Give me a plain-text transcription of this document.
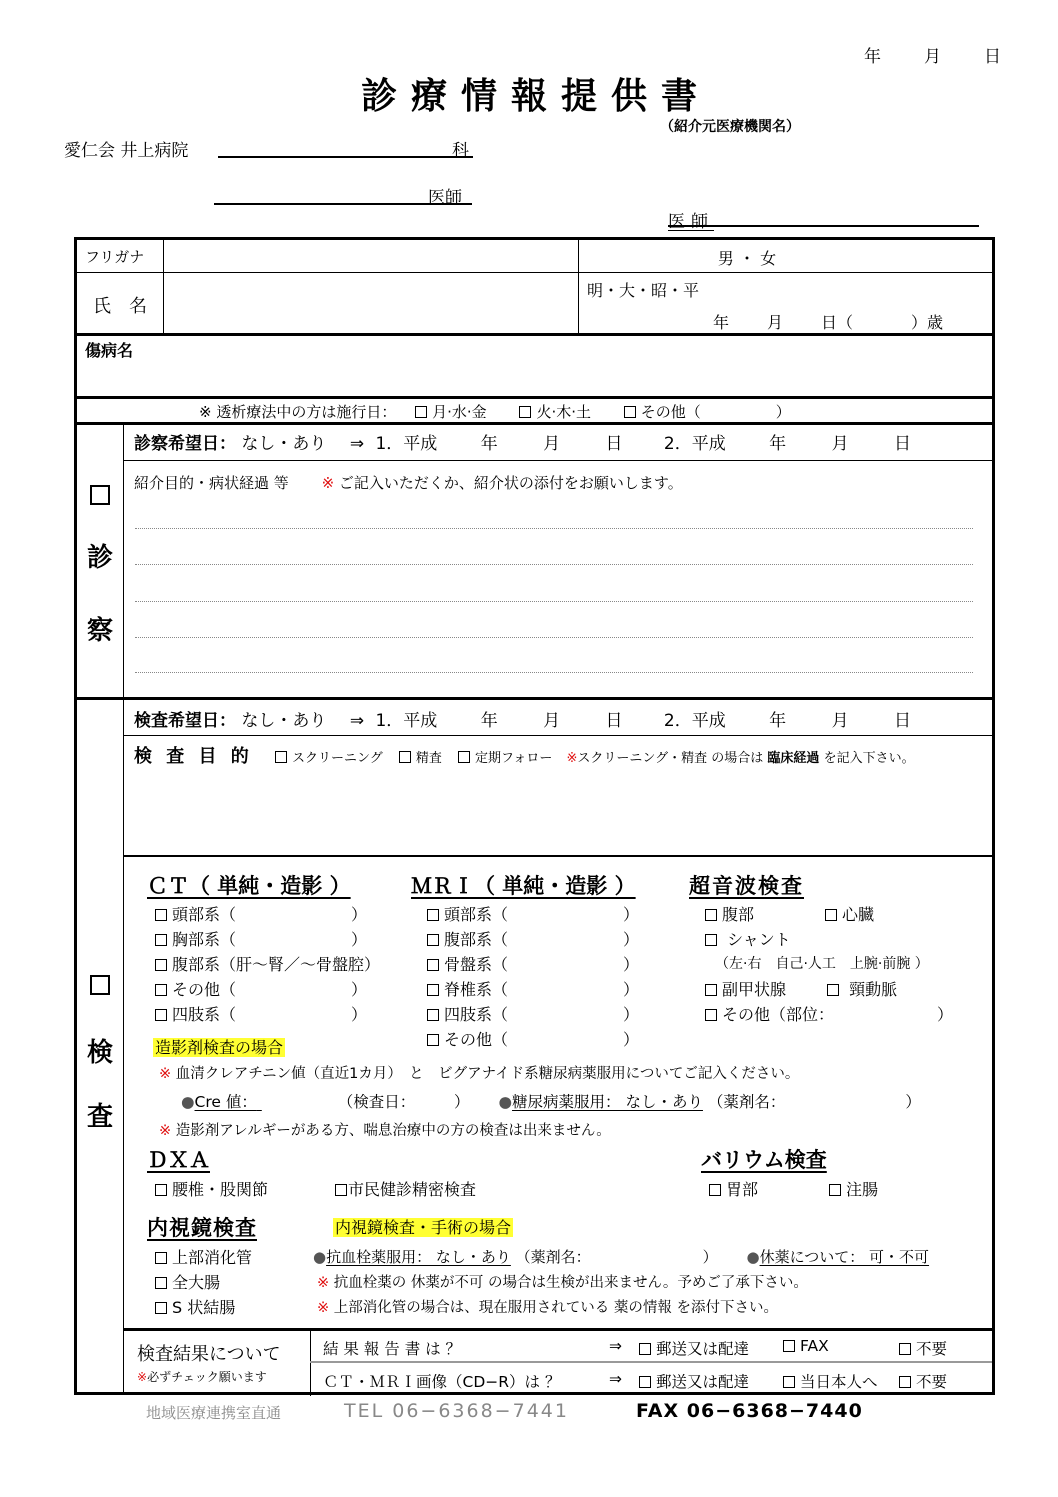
年	月	日
診療情報提供書
（紹介元医療機関名）
愛仁会 井上病院	科
医師
医師
フリガナ	男 ・ 女
氏　名
明・大・昭・平
年 月 日（	）歳
傷病名
※ 透析療法中の方は施行日： 月·水·金	火·木·土	その他（　　　　　）
診
察
診察希望日： なし・あり ⇒ 1．平成	年	月	日 2．平成	年	月	日
紹介目的・病状経過 等 ※ ご記入いただくか、紹介状の添付をお願いします。
検
査
検査希望日： なし・あり ⇒ 1．平成	年	月	日 2．平成	年	月	日
検 査 目 的	スクリーニング	精査	定期フォロー ※スクリーニング・精査 の場合は 臨床経過 を記入下さい。
ＣＴ（ 単純・造影 ）
頭部系（	）
胸部系（	）
腹部系（肝〜腎／〜骨盤腔）
その他（	）
四肢系（	）
ＭＲＩ（ 単純・造影 ）
頭部系（	）
腹部系（	）
骨盤系（	）
脊椎系（	）
四肢系（	）
その他（	）
超音波検査
腹部	心臓
シャント
（左·右　自己·人工　上腕·前腕 ）
副甲状腺	頸動脈
その他（部位：	）
造影剤検査の場合
※ 血清クレアチニン値（直近1カ月）　と　ビグアナイド系糖尿病薬服用についてご記入ください。
●Cre 値：	（検査日：　　　） ●糖尿病薬服用： なし・あり （薬剤名：	）
※ 造影剤アレルギーがある方、喘息治療中の方の検査は出来ません。
ＤＸＡ
腰椎・股関節	市民健診精密検査
バリウム検査
胃部	注腸
内視鏡検査	内視鏡検査・手術の場合
上部消化管
全大腸
S 状結腸
●抗血栓薬服用： なし・あり （薬剤名：	） ●休薬について： 可・不可
※ 抗血栓薬の 休薬が不可 の場合は生検が出来ません。予めご了承下さい。
※ 上部消化管の場合は、現在服用されている 薬の情報 を添付下さい。
検査結果について
※必ずチェック願います
結 果 報 告 書 は ？	⇒	郵送又は配達	FAX	不要
ＣＴ・ＭＲＩ画像（CD−R）は ？	⇒	郵送又は配達	当日本人へ	不要
地域医療連携室直通	TEL 06−6368−7441	FAX 06−6368−7440
